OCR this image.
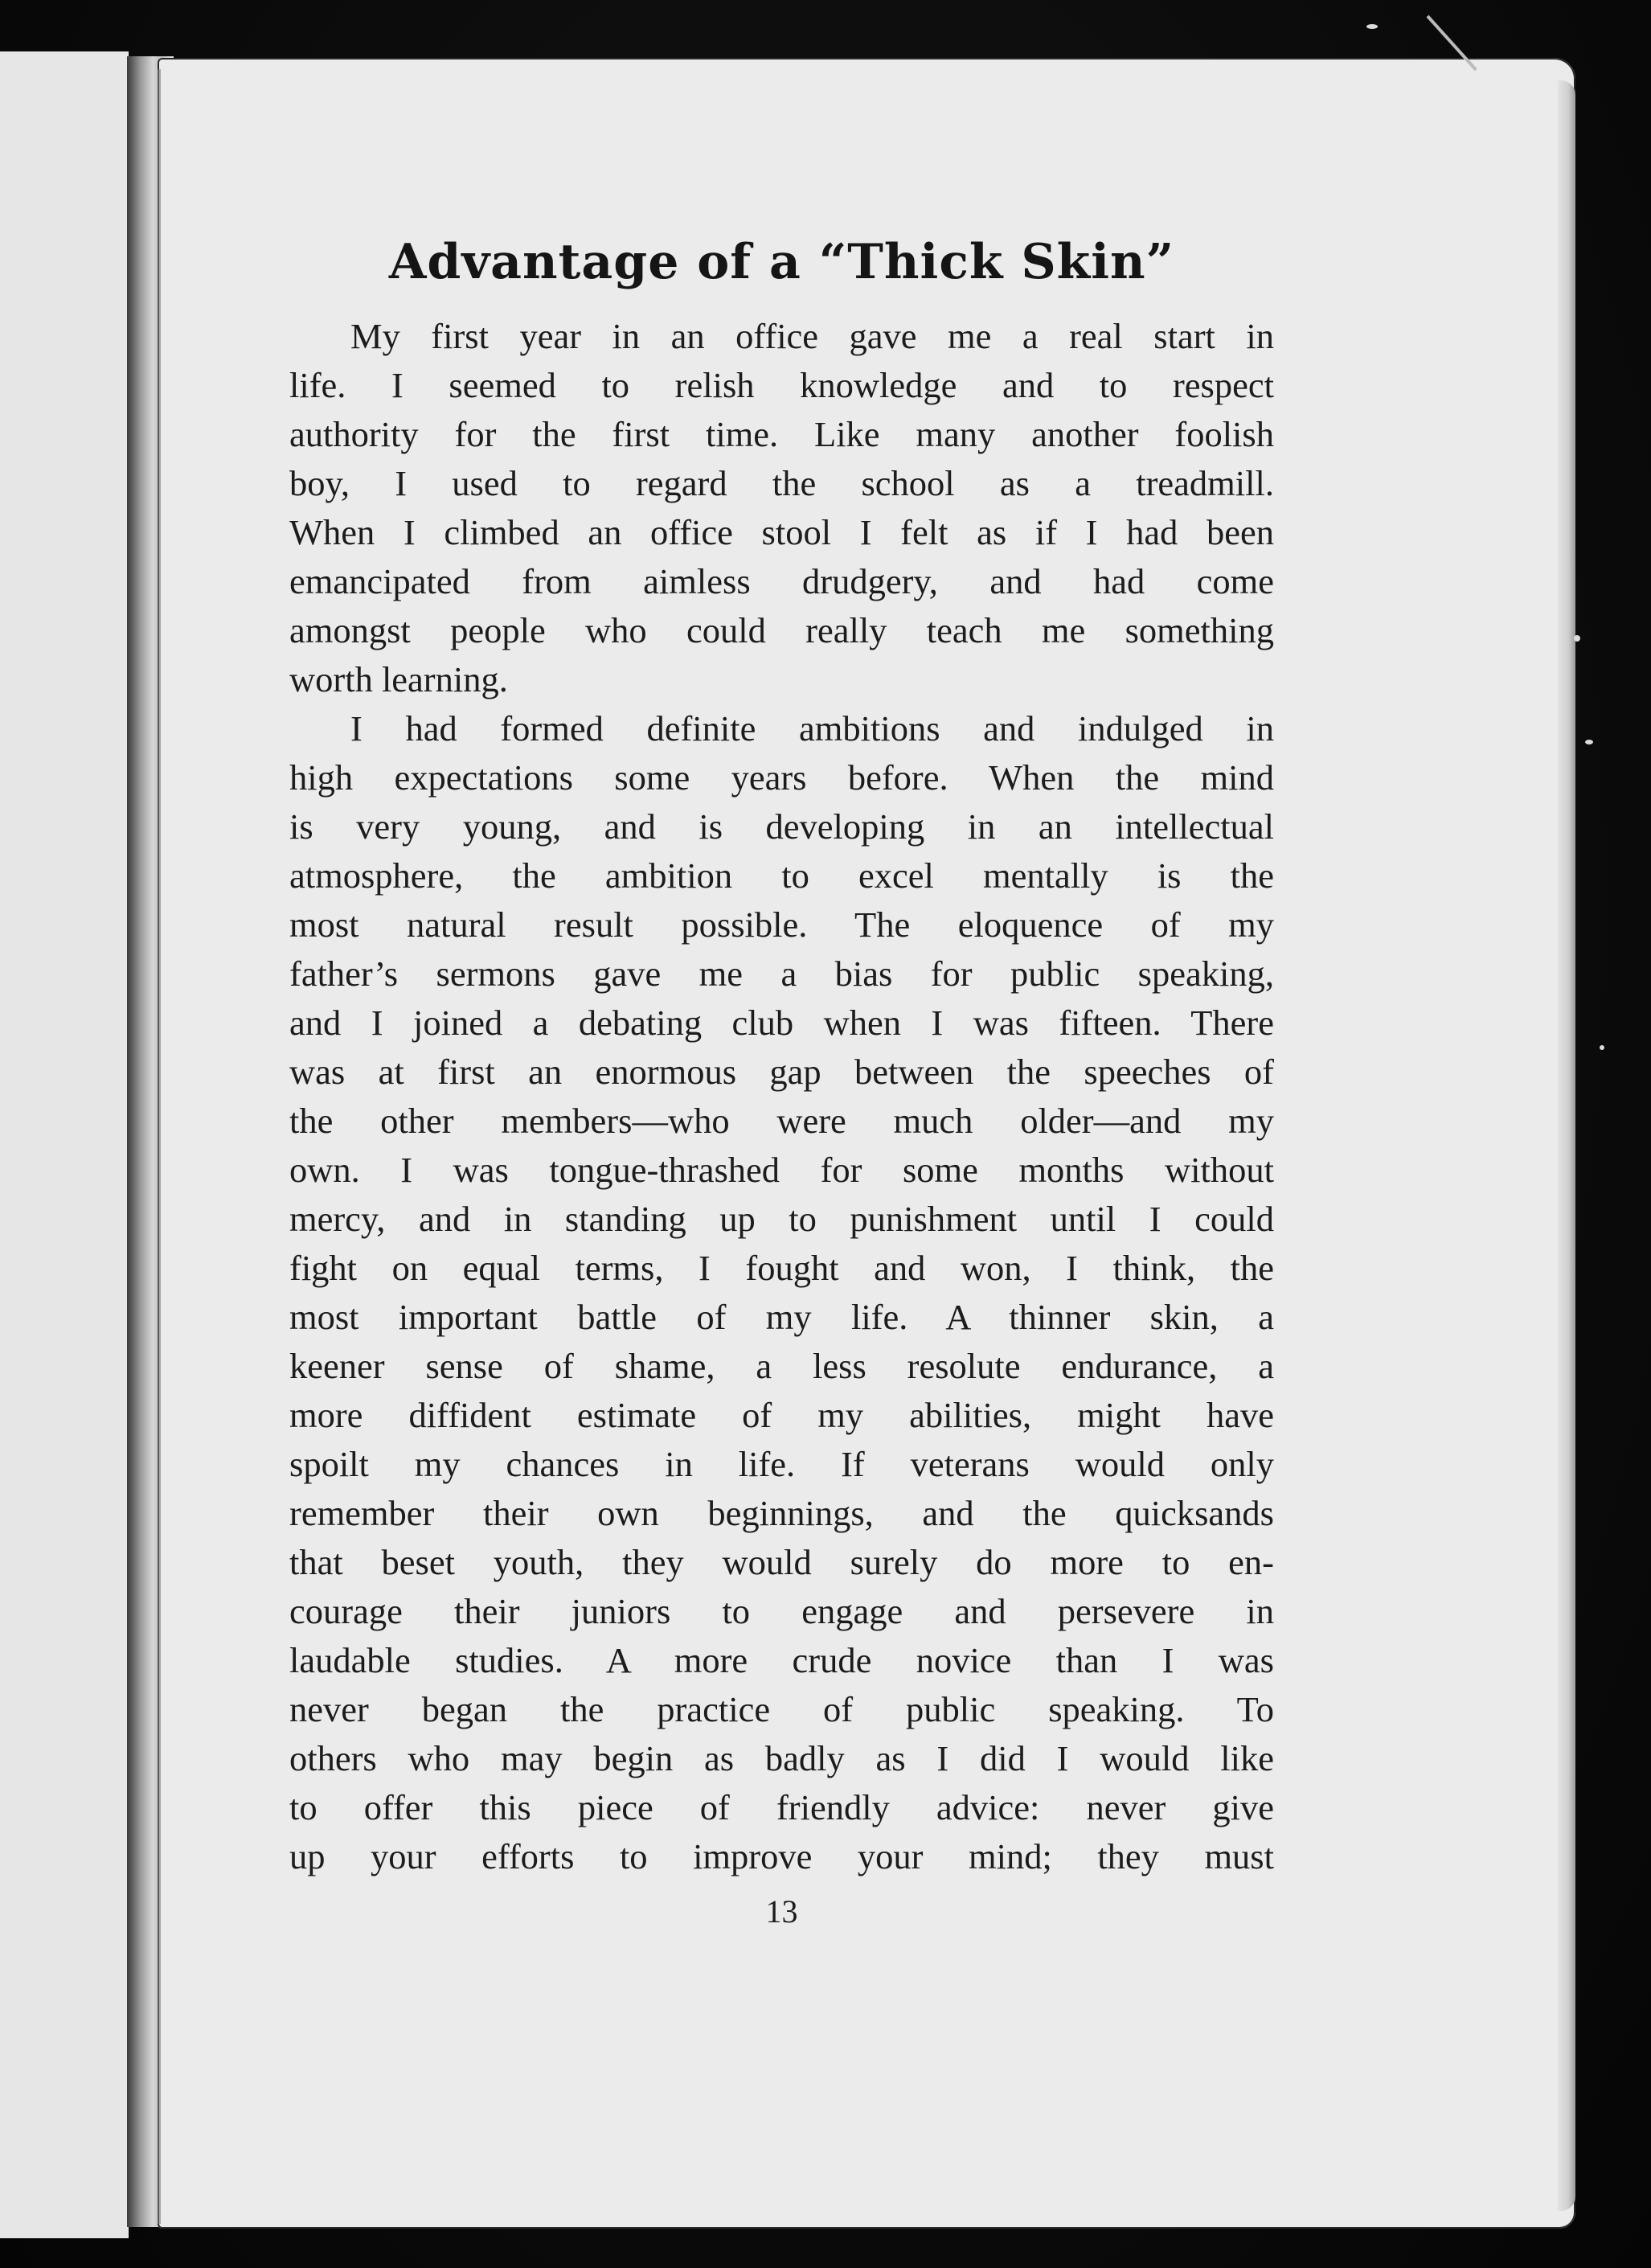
Advantage of a “Thick Skin”
My first year in an office gave me a real start in
life. I seemed to relish knowledge and to respect
authority for the first time. Like many another foolish
boy, I used to regard the school as a treadmill.
When I climbed an office stool I felt as if I had been
emancipated from aimless drudgery, and had come
amongst people who could really teach me something
worth learning.
I had formed definite ambitions and indulged in
high expectations some years before. When the mind
is very young, and is developing in an intellectual
atmosphere, the ambition to excel mentally is the
most natural result possible. The eloquence of my
father’s sermons gave me a bias for public speaking,
and I joined a debating club when I was fifteen. There
was at first an enormous gap between the speeches of
the other members—who were much older—and my
own. I was tongue-thrashed for some months without
mercy, and in standing up to punishment until I could
fight on equal terms, I fought and won, I think, the
most important battle of my life. A thinner skin, a
keener sense of shame, a less resolute endurance, a
more diffident estimate of my abilities, might have
spoilt my chances in life. If veterans would only
remember their own beginnings, and the quicksands
that beset youth, they would surely do more to en-
courage their juniors to engage and persevere in
laudable studies. A more crude novice than I was
never began the practice of public speaking. To
others who may begin as badly as I did I would like
to offer this piece of friendly advice: never give
up your efforts to improve your mind; they must
13
